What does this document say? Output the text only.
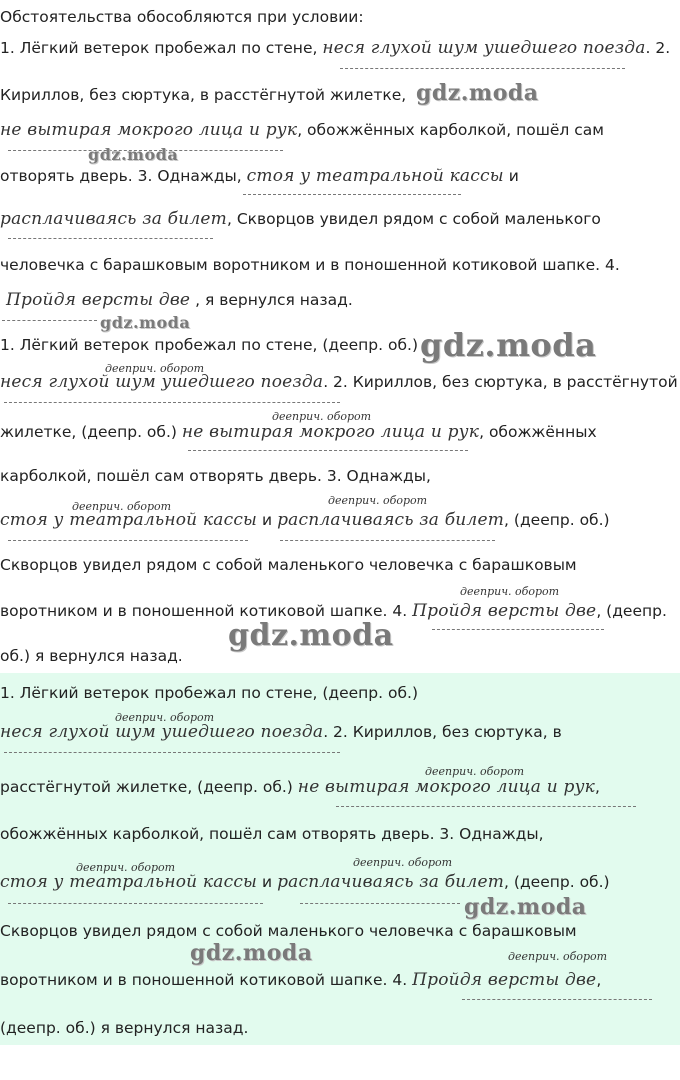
Обстоятельства обособляются при условии:
1. Лёгкий ветерок пробежал по стене, неся глухой шум ушедшего поезда. 2.
Кириллов, без сюртука, в расстёгнутой жилетке, gdz.moda
не вытирая мокрого лица и рук, обожжённых карболкой, пошёл сам
gdz.moda
отворять дверь. 3. Однажды, стоя у театральной кассы и
расплачиваясь за билет, Скворцов увидел рядом с собой маленького
человечка с барашковым воротником и в поношенной котиковой шапке. 4.
Пройдя версты две , я вернулся назад.
gdz.moda
1. Лёгкий ветерок пробежал по стене, (деепр. об.) gdz.moda
дееприч. оборот
неся глухой шум ушедшего поезда. 2. Кириллов, без сюртука, в расстёгнутой
дееприч. оборот
жилетке, (деепр. об.) не вытирая мокрого лица и рук, обожжённых
карболкой, пошёл сам отворять дверь. 3. Однажды,
дееприч. оборот	дееприч. оборот
стоя у театральной кассы и расплачиваясь за билет, (деепр. об.)
Скворцов увидел рядом с собой маленького человечка с барашковым
дееприч. оборот
воротником и в поношенной котиковой шапке. 4. Пройдя версты две, (деепр.
gdz.moda
об.) я вернулся назад.
1. Лёгкий ветерок пробежал по стене, (деепр. об.)
дееприч. оборот
неся глухой шум ушедшего поезда. 2. Кириллов, без сюртука, в
дееприч. оборот
расстёгнутой жилетке, (деепр. об.) не вытирая мокрого лица и рук,
обожжённых карболкой, пошёл сам отворять дверь. 3. Однажды,
дееприч. оборот	дееприч. оборот
стоя у театральной кассы и расплачиваясь за билет, (деепр. об.)
gdz.moda
Скворцов увидел рядом с собой маленького человечка с барашковым
gdz.moda	дееприч. оборот
воротником и в поношенной котиковой шапке. 4. Пройдя версты две,
(деепр. об.) я вернулся назад.
